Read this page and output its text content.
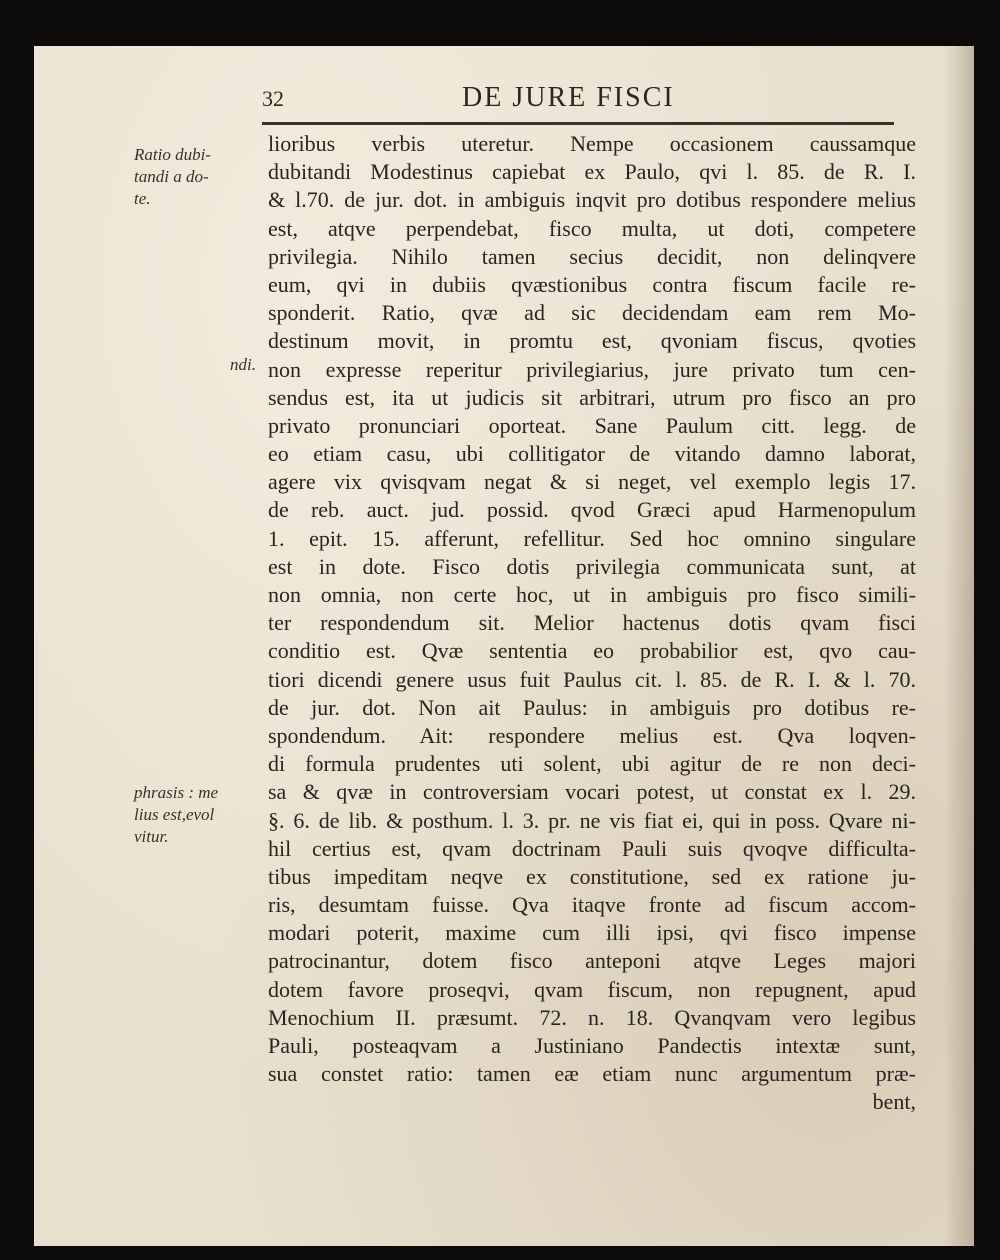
32	DE JURE FISCI
Ratio dubi-
tandi a do-
te.
ndi.
phrasis : me
lius est,evol
vitur.
lioribus verbis uteretur. Nempe occasionem caussamque
dubitandi Modestinus capiebat ex Paulo, qvi l. 85. de R. I.
& l.70. de jur. dot. in ambiguis inqvit pro dotibus respondere melius
est, atqve perpendebat, fisco multa, ut doti, competere
privilegia. Nihilo tamen secius decidit, non delinqvere
eum, qvi in dubiis qvæstionibus contra fiscum facile re-
sponderit. Ratio, qvæ ad sic decidendam eam rem Mo-
destinum movit, in promtu est, qvoniam fiscus, qvoties
non expresse reperitur privilegiarius, jure privato tum cen-
sendus est, ita ut judicis sit arbitrari, utrum pro fisco an pro
privato pronunciari oporteat. Sane Paulum citt. legg. de
eo etiam casu, ubi collitigator de vitando damno laborat,
agere vix qvisqvam negat & si neget, vel exemplo legis 17.
de reb. auct. jud. possid. qvod Græci apud Harmenopulum
1. epit. 15. afferunt, refellitur. Sed hoc omnino singulare
est in dote. Fisco dotis privilegia communicata sunt, at
non omnia, non certe hoc, ut in ambiguis pro fisco simili-
ter respondendum sit. Melior hactenus dotis qvam fisci
conditio est. Qvæ sententia eo probabilior est, qvo cau-
tiori dicendi genere usus fuit Paulus cit. l. 85. de R. I. & l. 70.
de jur. dot. Non ait Paulus: in ambiguis pro dotibus re-
spondendum. Ait: respondere melius est. Qva loqven-
di formula prudentes uti solent, ubi agitur de re non deci-
sa & qvæ in controversiam vocari potest, ut constat ex l. 29.
§. 6. de lib. & posthum. l. 3. pr. ne vis fiat ei, qui in poss. Qvare ni-
hil certius est, qvam doctrinam Pauli suis qvoqve difficulta-
tibus impeditam neqve ex constitutione, sed ex ratione ju-
ris, desumtam fuisse. Qva itaqve fronte ad fiscum accom-
modari poterit, maxime cum illi ipsi, qvi fisco impense
patrocinantur, dotem fisco anteponi atqve Leges majori
dotem favore proseqvi, qvam fiscum, non repugnent, apud
Menochium II. præsumt. 72. n. 18. Qvanqvam vero legibus
Pauli, posteaqvam a Justiniano Pandectis intextæ sunt,
sua constet ratio: tamen eæ etiam nunc argumentum præ-
bent,
